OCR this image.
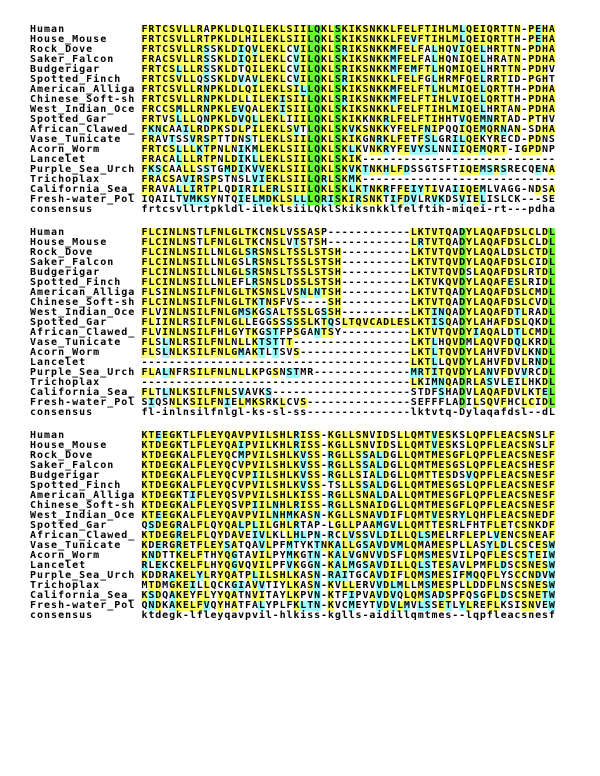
Human	FRTCSVLLRAPKLDLQILEKLSIILQKLSKIKSNKKLFELFTIHLMLQEIQRTTN-PEHA
House_Mouse	FRTCSVLLRTPKLDLHILEKLSIILQKLSKIKSNKKLFEVFTIHLMLQEIQRTTH-PEHA
Rock_Dove	FRTCSVLLRSSKLDIQVLEKLCVILQKLSRIKSNKKMFELFALHQVIQELHRTTN-PDHA
Saker_Falcon	FRACSVLLRSSKLDIQILEKLCVILQKLSKIKSNKKMFELFALHQNIQELHRATN-PDHA
Budgerigar	FRTCSLLLRSSKLDTQILEKLCVILQKLSRIKSNKKMFEMFTLHQMIQELHRTTN-PDHV
Spotted_Finch FRTCSVLLQSSKLDVAVLEKLCVILQKLSRIKSNKKLFELFGLHRMFQELRRTID-PGHT
American_Alliga FRTCSVLLRNPKLDLQILEKLSILLQKLSKIKSNKKMFELFTLHLMIQELQRTTH-PDHA
Chinese_Soft-sh FRTCSVLLRNPKLDLLILEKISIILQKLSRIKSNKKMFELFTIHLVIQELQRTTH-PDHA
West_Indian_Oce FRCCSMLLRNPKLEVQALEKISIILQKLSKIKSNKKLFELFTIHLMIQELHRTAN-PDHA
Spotted_Gar	FRTVSLLLQNPKLDVQLLEKLIIILQKLSKIKKNKRLFELFTIHHTVQEMNRTAD-PTHV
African_Clawed_ FKNCAAILRDPKSDLPILEKLSVTLQKLSKVKSNKKYFELFNIPQQIQEMQRNAN-SDHA
Vase_Tunicate FRAVTSSVRSPTTDNSTLEKLSIILQKLSKIKGNRKLFETFSLGRILQEKYRECD-PDNS
Acorn_Worm	FRTCSLLLKTPNLNIKMLEKLSIILQKLSKLKVNKRYFEVYSLNNIIQEMQRT-IGPDNP
Lancelet	FRACALLLRTPNLDIKLLEKLSIILQKLSKIK----------------------------
Purple_Sea_Urch FKSCAALLSSTGMDIKVVEKLSIILQKLSKVKTNKHLFDSSGTSFTIQEMSRSRECQENA
Trichoplax	FRACSAVIRSPSTNSLVIEKLSIILQRLSKMK----------------------------
California_Sea_ FRAVALLIRTPLQDIRILERLSIILQKLSKLKTNKRFFEIYTIVAIIQEMLVAGG-NDSA
Fresh-water_Pol IQAILTVMKSYNTQIELMDKLSLLLQRISKIRSNKTIFDVLRVKDSVIELISLCK---SE
consensus	frtcsvllrtpkldl-ileklsiiLQklSkiksnkklfelftih-miqei-rt---pdha
Human	FLCINLNSTLFNLGLTKCNSLVSSASP------------LKTVTQADYLAQAFDSLCLDL
House_Mouse	FLCINLNSTLFNLGLTKCNSLVTSTSH------------LRTVTQADYLAQAFDSLCLDL
Rock_Dove	FLCINLNSILLNLGLSRSNSLTSSLSTSH----------LKTVTQVDYLAQALDSLCTDL
Saker_Falcon	FLCINLNSILLNLGSLRSNSLTSSLSTSH----------LKTVTQVDYLAQAFDSLCIDL
Budgerigar	FLCINLNSILLNLGLSRSNSLTSSLSTSH----------LKTVTQVDSLAQAFDSLRTDL
Spotted_Finch FLCINLNSILLNLEFLRSNSLDSSLSTSH----------LKTVKQVDYLAQAFESLRIDL
American_Alliga FLSINLNSILFNLGLTKSNSLVSNLNTSH----------LKTVTQADYLAQAFDSLCMDL
Chinese_Soft-sh FLCINLNSILFNLGLTKTNSFVS----SH----------LKTVTQADYLAQAFDSLCVDL
West_Indian_Oce FLVINLNSILFNLGMSKGSALTSSLGSSH----------LKTINQADYLAQAFDTLRADL
Spotted_Gar	FLIINLRSILFNLGLLEGGSSSSSLKTQSLTQVCADLESLKTISQADYLAHAFDSLQKDL
African_Clawed_ FLVINLNSILFHLGYTKGSTFPSGANTSY----------LKTVTQVDYIAQALDTLCMDL
Vase_Tunicate FLSLNLRSILFNLNLLKTSTTT-----------------LKTLHQVDMLAQVFDQLKRDL
Acorn_Worm	FLSLNLKSILFNLGMAKTLTSVS----------------LKTLTQVDYLAHVFDVLKNDL
Lancelet	---------------------------------------LKTLLQVDYLAHVFDVLRNDL
Purple_Sea_Urch FLALNFRSILFNLNLLKPGSNSTMR--------------MRTITQVDYLANVFDVVRCDL
Trichoplax	---------------------------------------LKIMNQADRLASVLEILHKDL
California_Sea_ FLTLNLKSILFNLSVAVKS--------------------STDFSHADVLAQAFDVLKTEL
Fresh-water_Pol SIQSNLKSILFNIELMKSRKLCVS---------------SEFFFLADILSQVFHCLCIDL
consensus	fl-inlnsilfnlgl-ks-sl-ss---------------lktvtq-Dylaqafdsl--dL
Human	KTEEGKTLFLEYQAVPVILSHLRISS-KGLLSNVIDSLLQMTVESKSLQPFLEACSNSLF
House_Mouse	KTDEGKTLFLEYQAIPVILKHLRISS-KGLLSNVIDSLLQMTVESKSLQPFLEACSNSLF
Rock_Dove	KTDEGKALFLEYQCMPVILSHLKVSS-RGLLSSALDGLLQMTMESGFLQPFLEACSNESF
Saker_Falcon	KTDEGKALFLEYQCVPVILSHLKVSS-RGLLSSALDGLLQMTMESGSLQPFLEACSHESF
Budgerigar	KTDEGKALFLEYQCVPIILSHLKVSS-RGLLSIALDGLLQMTTESDSVQPFLEACSNESF
Spotted_Finch KTDEGKALFLEYQCVPVILSHLKVSS-TSLLSSALDGLLQMTMESGSLQPFLEACSNESF
American_Alliga KTDEGKTIFLEYQSVPVILSHLKISS-RGLLSNALDALLQMTMESGFLQPFLEACSNESF
Chinese_Soft-sh KTDEGKALFLEYQSVPIILNHLRISS-RGLLSNAIDGLLQMTMESGFLQPFLEACSNESF
West_Indian_Oce KTEEGKALFLEYQAVPVILNHMKASN-KGLLSNAVDIFLQMTVESRYLQHFLEACSNEDF
Spotted_Gar	QSDEGRALFLQYQALPLILGHLRTAP-LGLLPAAMGVLLQMTTESRLFHTFLETCSNKDF
African_Clawed_ KTDEGRELFLQYDAVEIVLKLLHLPN-RCLVSSVLDILLQLSMELRFLEPLVENCSNEAF
Vase_Tunicate KDERGRETFLEYSATQAVLPFMTYKTNKALLGSAVDVMLQMAMESPLLASYLDLCSCESW
Acorn_Worm	KNDTTKELFTHYQGTAVILPYMKGTN-KALVGNVVDSFLQMSMESVILPQFLESCSTEIW
Lancelet	RLEKCKELFLHYQGVQVILPFVKGGN-KALMGSAVDILLQLSTESAVLPMFLDSCSNESW
Purple_Sea_Urch KDDRAKELYLRYQATPLILSHLKASN-RAITGCAVDIFLQMSMESIFMQQFLYSCCNDVW
Trichoplax	MTDMGKEILLQCKGIAVVTIYLKASN-KVLLERVVDLMLLMSMESPLLDDFLNSCSNESW
California_Sea_ KSDQAKEYFLYYQATNVITAYLKPVN-KTFIPVAVDVQLQMSADSPFQSGFLDSCSNETW
Fresh-water_Pol QNDKAKELFVQYHATFALYPLFKLTN-KVCMEYTVDVLMVLSSETLYLREFLKSISNVEW
consensus	ktdegk-lfleyqavpvil-hlkiss-kglls-aidillqmtmes--lqpfleacsnesf
